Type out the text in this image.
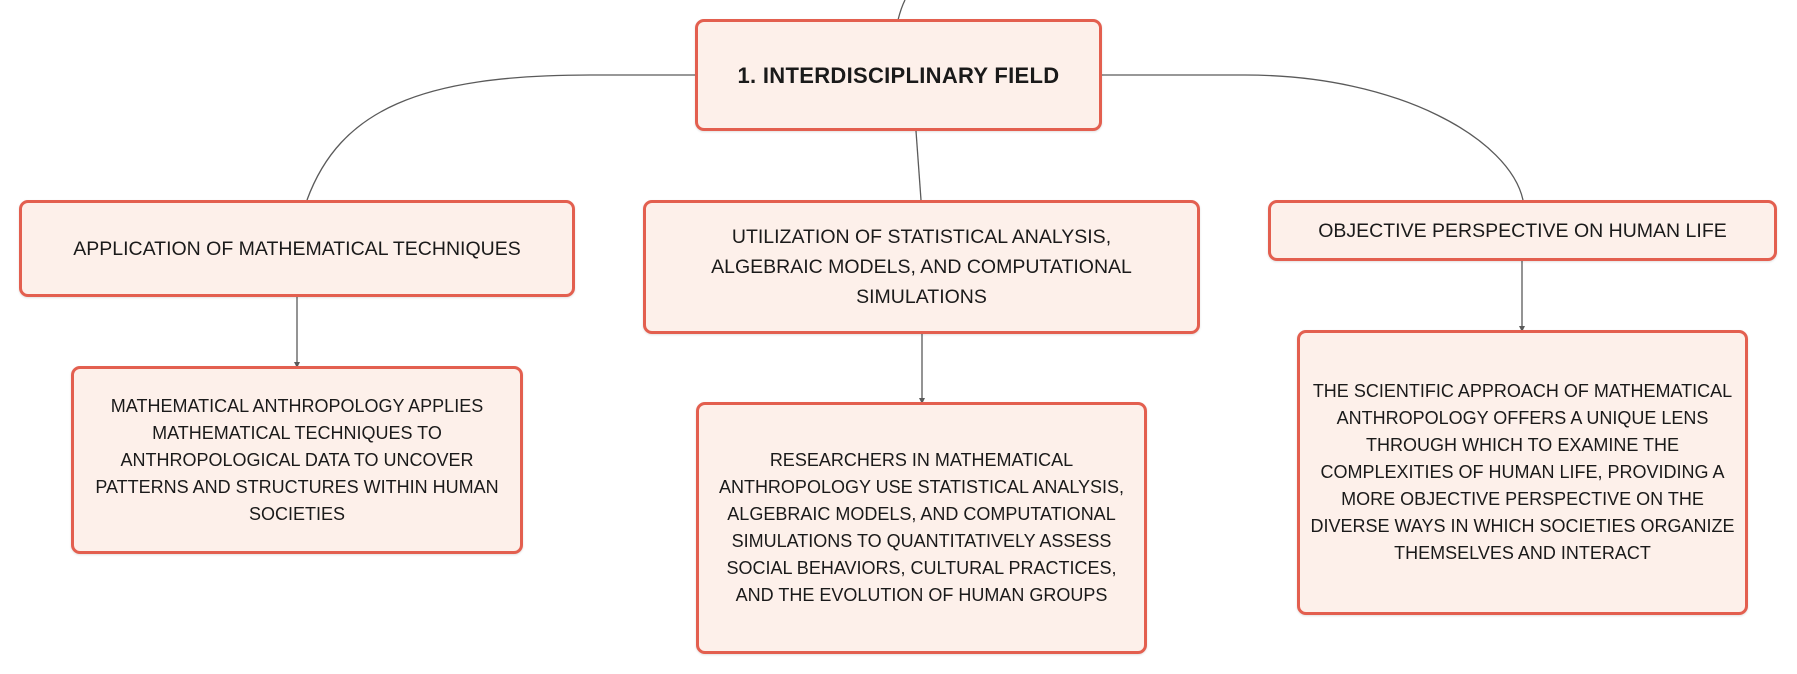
1. INTERDISCIPLINARY FIELD
APPLICATION OF MATHEMATICAL TECHNIQUES
UTILIZATION OF STATISTICAL ANALYSIS, ALGEBRAIC MODELS, AND COMPUTATIONAL SIMULATIONS
OBJECTIVE PERSPECTIVE ON HUMAN LIFE
MATHEMATICAL ANTHROPOLOGY APPLIES MATHEMATICAL TECHNIQUES TO ANTHROPOLOGICAL DATA TO UNCOVER PATTERNS AND STRUCTURES WITHIN HUMAN SOCIETIES
RESEARCHERS IN MATHEMATICAL ANTHROPOLOGY USE STATISTICAL ANALYSIS, ALGEBRAIC MODELS, AND COMPUTATIONAL SIMULATIONS TO QUANTITATIVELY ASSESS SOCIAL BEHAVIORS, CULTURAL PRACTICES, AND THE EVOLUTION OF HUMAN GROUPS
THE SCIENTIFIC APPROACH OF MATHEMATICAL ANTHROPOLOGY OFFERS A UNIQUE LENS THROUGH WHICH TO EXAMINE THE COMPLEXITIES OF HUMAN LIFE, PROVIDING A MORE OBJECTIVE PERSPECTIVE ON THE DIVERSE WAYS IN WHICH SOCIETIES ORGANIZE THEMSELVES AND INTERACT
